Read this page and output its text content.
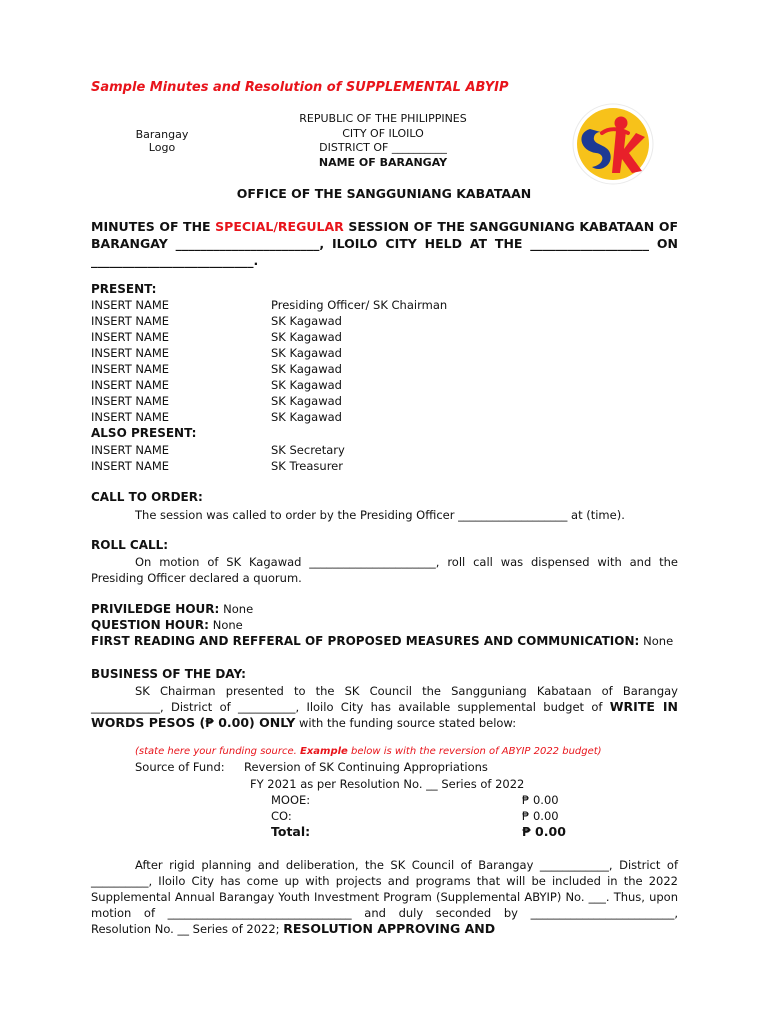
Sample Minutes and Resolution of SUPPLEMENTAL ABYIP
Barangay
Logo
REPUBLIC OF THE PHILIPPINES
CITY OF ILOILO
DISTRICT OF __________
NAME OF BARANGAY
OFFICE OF THE SANGGUNIANG KABATAAN
MINUTES OF THE SPECIAL/REGULAR SESSION OF THE SANGGUNIANG KABATAAN OF BARANGAY _______________________, ILOILO CITY HELD AT THE ___________________ ON
__________________________.
PRESENT:
INSERT NAME	Presiding Officer/ SK Chairman
INSERT NAME	SK Kagawad
INSERT NAME	SK Kagawad
INSERT NAME	SK Kagawad
INSERT NAME	SK Kagawad
INSERT NAME	SK Kagawad
INSERT NAME	SK Kagawad
INSERT NAME	SK Kagawad
ALSO PRESENT:
INSERT NAME	SK Secretary
INSERT NAME	SK Treasurer
CALL TO ORDER:
The session was called to order by the Presiding Officer ___________________ at (time).
ROLL CALL:
On motion of SK Kagawad ______________________, roll call was dispensed with and the Presiding Officer declared a quorum.
PRIVILEDGE HOUR: None
QUESTION HOUR: None
FIRST READING AND REFFERAL OF PROPOSED MEASURES AND COMMUNICATION: None
BUSINESS OF THE DAY:
SK Chairman presented to the SK Council the Sangguniang Kabataan of Barangay ____________, District of __________, Iloilo City has available supplemental budget of WRITE IN WORDS PESOS (₱ 0.00) ONLY with the funding source stated below:
(state here your funding source. Example below is with the reversion of ABYIP 2022 budget)
Source of Fund: Reversion of SK Continuing Appropriations
FY 2021 as per Resolution No. __ Series of 2022
MOOE:	₱ 0.00
CO:	₱ 0.00
Total:	₱ 0.00
After rigid planning and deliberation, the SK Council of Barangay ____________, District of __________, Iloilo City has come up with projects and programs that will be included in the 2022 Supplemental Annual Barangay Youth Investment Program (Supplemental ABYIP) No. ___. Thus, upon motion of ________________________________ and duly seconded by _________________________, Resolution No. __ Series of 2022; RESOLUTION APPROVING AND
